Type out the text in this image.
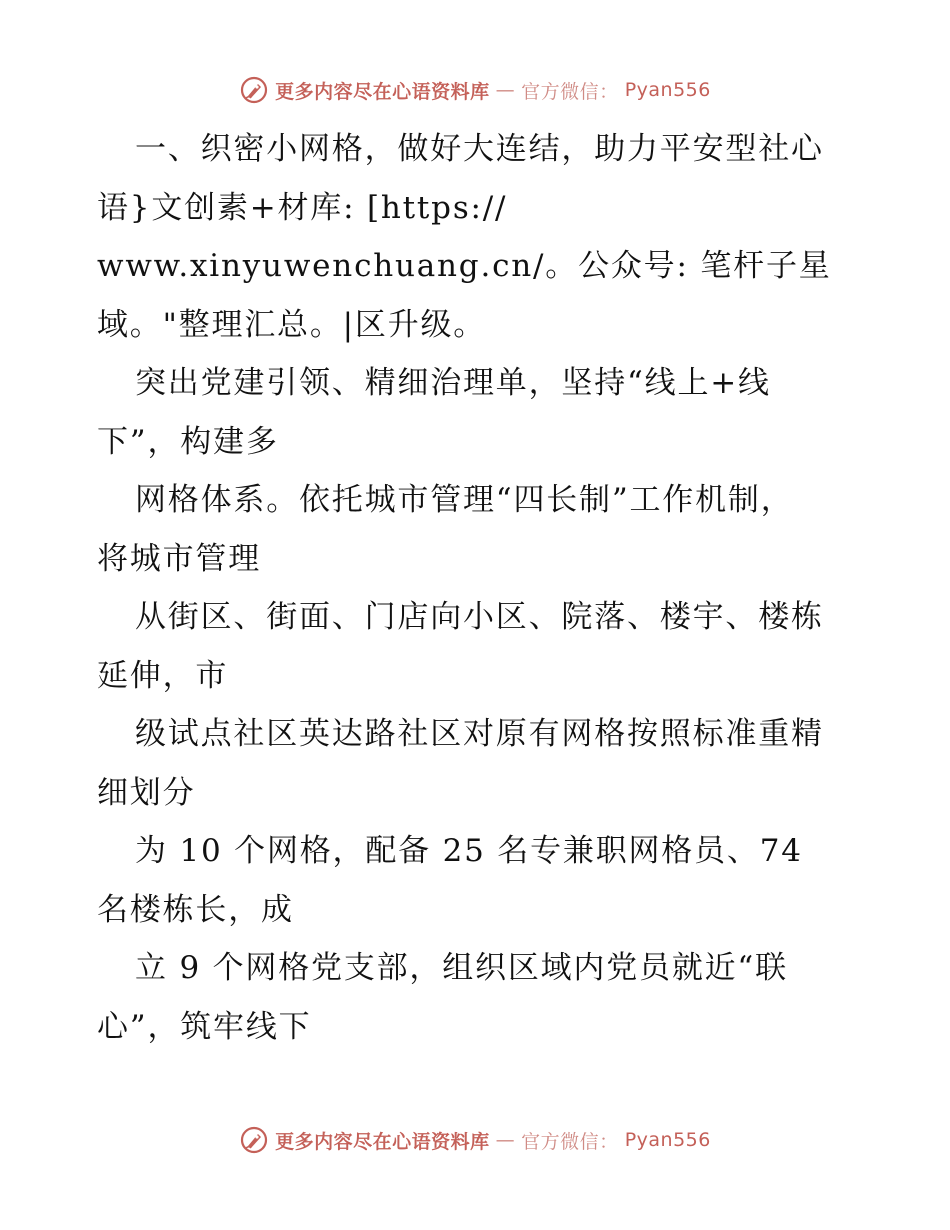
更多内容尽在心语资料库 — 官方微信： Pyan556
一、织密小网格，做好大连结，助力平安型社心
语}文创素+材库: [https://
www.xinyuwenchuang.cn/。公众号: 笔杆子星
域。"整理汇总。|区升级。
突出党建引领、精细治理单，坚持“线上+线
下”，构建多
网格体系。依托城市管理“四长制”工作机制，
将城市管理
从街区、街面、门店向小区、院落、楼宇、楼栋
延伸，市
级试点社区英达路社区对原有网格按照标准重精
细划分
为 10 个网格，配备 25 名专兼职网格员、74
名楼栋长，成
立 9 个网格党支部，组织区域内党员就近“联
心”，筑牢线下
更多内容尽在心语资料库 — 官方微信： Pyan556
